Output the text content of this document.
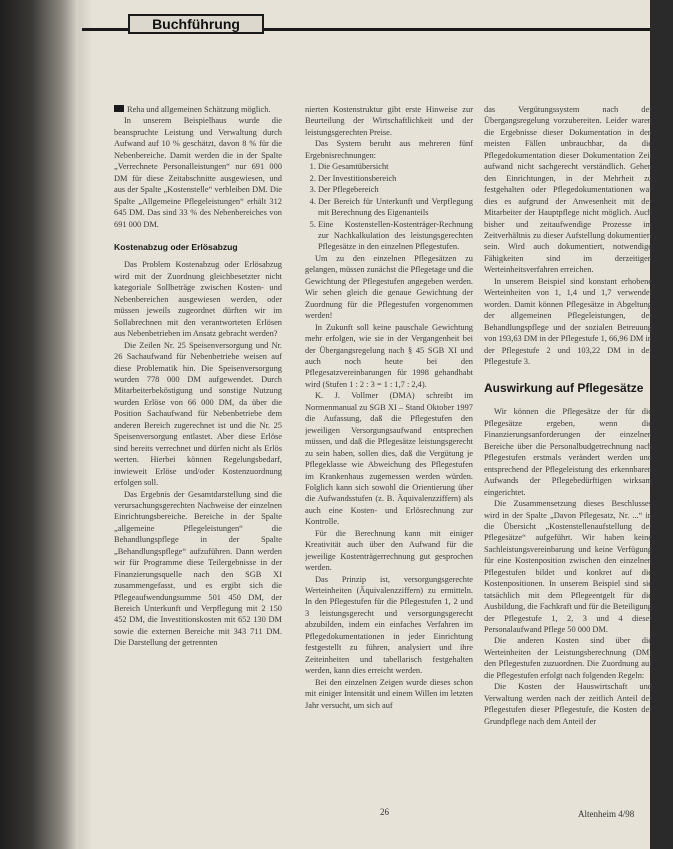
Buchführung

Reha und allgemeinen Schätzung möglich.

In unserem Beispielhaus wurde die beanspruchte Leistung und Verwaltung durch Aufwand auf 10 % geschätzt, davon 8 % für die Nebenbereiche. Damit werden die in der Spalte „Verrechnete Personalleistungen“ nur 691 000 DM für diese Zeitabschnitte ausgewiesen, und aus der Spalte „Kostenstelle“ verbleiben DM. Die Spalte „Allgemeine Pflegeleistungen“ erhält 312 645 DM. Das sind 33 % des Nebenbereiches von 691 000 DM.

Kostenabzug oder Erlösabzug

Das Problem Kostenabzug oder Erlösabzug wird mit der Zuordnung gleichbesetzter nicht kategoriale Sollbeträge zwischen Kosten- und Nebenbereichen ausgewiesen werden, oder müssen jeweils zugeordnet dürften wir im Sollabrechnen mit den verantworteten Erlösen aus Nebenbetrieben im Ansatz gebracht werden?

Die Zeilen Nr. 25 Speisenversorgung und Nr. 26 Sachaufwand für Nebenbetriebe weisen auf diese Problematik hin. Die Speisenversorgung wurden 778 000 DM aufgewendet. Durch Mitarbeiterbeköstigung und sonstige Nutzung wurden Erlöse von 66 000 DM, da über die Position Sachaufwand für Nebenbetriebe dem anderen Bereich zugerechnet ist und die Nr. 25 Speisenversorgung entlastet. Aber diese Erlöse sind bereits verrechnet und dürfen nicht als Erlös werten. Hierbei können Regelungsbedarf, inwieweit Erlöse und/oder Kostenzuordnung erfolgen soll.

Das Ergebnis der Gesamtdarstellung sind die verursachungsgerechten Nachweise der einzelnen Einrichtungsbereiche. Bereiche in der Spalte „allgemeine Pflegeleistungen“ die Behandlungspflege in der Spalte „Behandlungspflege“ aufzuführen. Dann werden wir für Programme diese Teilergebnisse in der Finanzierungsquelle nach den SGB XI zusammengefasst, und es ergibt sich die Pflegeaufwendungsumme 501 450 DM, der Bereich Unterkunft und Verpflegung mit 2 150 452 DM, die Investitionskosten mit 652 130 DM sowie die externen Bereiche mit 343 711 DM. Die Darstellung der getrennten

nierten Kostenstruktur gibt erste Hinweise zur Beurteilung der Wirtschaftlichkeit und der leistungsgerechten Preise.

Das System beruht aus mehreren fünf Ergebnisrechnungen:

1. Die Gesamtübersicht
2. Der Investitionsbereich
3. Der Pflegebereich
4. Der Bereich für Unterkunft und Verpflegung mit Berechnung des Eigenanteils
5. Eine Kostenstellen-Kostenträger-Rechnung zur Nachkalkulation des leistungsgerechten Pflegesätze in den einzelnen Pflegestufen.

Um zu den einzelnen Pflegesätzen zu gelangen, müssen zunächst die Pflegetage und die Gewichtung der Pflegestufen angegeben werden. Wir sehen gleich die genaue Gewichtung der Zuordnung für die Pflegestufen vorgenommen werden!

In Zukunft soll keine pauschale Gewichtung mehr erfolgen, wie sie in der Vergangenheit bei der Übergangsregelung nach § 45 SGB XI und auch noch heute bei den Pflegesatzvereinbarungen für 1998 gehandhabt wird (Stufen 1 : 2 : 3 = 1 : 1,7 : 2,4).

K. J. Vollmer (DMA) schreibt im Normenmanual zu SGB XI – Stand Oktober 1997 die Aufassung, daß die Pflegestufen den jeweiligen Versorgungsaufwand entsprechen müssen, und daß die Pflegesätze leistungsgerecht zu sein haben, sollen dies, daß die Vergütung je Pflegeklasse wie Abweichung des Pflegestufen im Krankenhaus zugemessen werden würden. Folglich kann sich sowohl die Orientierung über die Aufwandsstufen (z. B. Äquivalenzziffern) als auch eine Kosten- und Erlösrechnung zur Kontrolle.

Für die Berechnung kann mit einiger Kreativität auch über den Aufwand für die jeweilige Kostenträgerrechnung gut gesprochen werden.

Das Prinzip ist, versorgungsgerechte Werteinheiten (Äquivalenzziffern) zu ermitteln. In den Pflegestufen für die Pflegestufen 1, 2 und 3 leistungsgerecht und versorgungsgerecht abzubilden, indem ein einfaches Verfahren im Pflegedokumentationen in jeder Einrichtung festgestellt zu führen, analysiert und ihre Zeiteinheiten und tabellarisch festgehalten werden, kann dies erreicht werden.

Bei den einzelnen Zeigen wurde dieses schon mit einiger Intensität und einem Willen im letzten Jahr versucht, um sich auf

das Vergütungssystem nach der Übergangsregelung vorzubereiten. Leider waren die Ergebnisse dieser Dokumentation in den meisten Fällen unbrauchbar, da die Pflegedokumentation dieser Dokumentation Zeit aufwand nicht sachgerecht verständlich. Gehen den Einrichtungen, in der Mehrheit zu festgehalten oder Pflegedokumentationen war dies es aufgrund der Anwesenheit mit der Mitarbeiter der Hauptpflege nicht möglich. Auch bisher und zeitaufwendige Prozesse im Zeitverhältnis zu dieser Aufstellung dokumentiert sein. Wird auch dokumentiert, notwendige Fähigkeiten sind im derzeitigen Werteinheitsverfahren erreichen.

In unserem Beispiel sind konstant erhobene Werteinheiten von 1, 1,4 und 1,7 verwendet worden. Damit können Pflegesätze in Abgeltung der allgemeinen Pflegeleistungen, der Behandlungspflege und der sozialen Betreuung von 193,63 DM in der Pflegestufe 1, 66,96 DM in der Pflegestufe 2 und 103,22 DM in der Pflegestufe 3.

Auswirkung auf Pflegesätze

Wir können die Pflegesätze der für die Pflegesätze ergeben, wenn die Finanzierungsanforderungen der einzelnen Bereiche über die Personalbudgetrechnung nach Pflegestufen erstmals verändert werden und entsprechend der Pflegeleistung des erkennbaren Aufwands der Pflegebedürftigen wirksam eingerichtet.

Die Zusammensetzung dieses Beschlusses wird in der Spalte „Davon Pflegesatz, Nr. ...“ in die Übersicht „Kostenstellenaufstellung der Pflegesätze“ aufgeführt. Wir haben keine Sachleistungsvereinbarung und keine Verfügung für eine Kostenposition zwischen den einzelnen Pflegestufen bildet und konkret auf die Kostenpositionen. In unserem Beispiel sind sie tatsächlich mit dem Pflegeentgelt für die Ausbildung, die Fachkraft und für die Beteiligung der Pflegestufe 1, 2, 3 und 4 dieser Personalaufwand Pflege 50 000 DM.

Die anderen Kosten sind über die Werteinheiten der Leistungsberechnung (DM) den Pflegestufen zuzuordnen. Die Zuordnung auf die Pflegestufen erfolgt nach folgenden Regeln:

Die Kosten der Hauswirtschaft und Verwaltung werden nach der zeitlich Anteil der Pflegestufen dieser Pflegestufe, die Kosten der Grundpflege nach dem Anteil der

26	Altenheim 4/98
